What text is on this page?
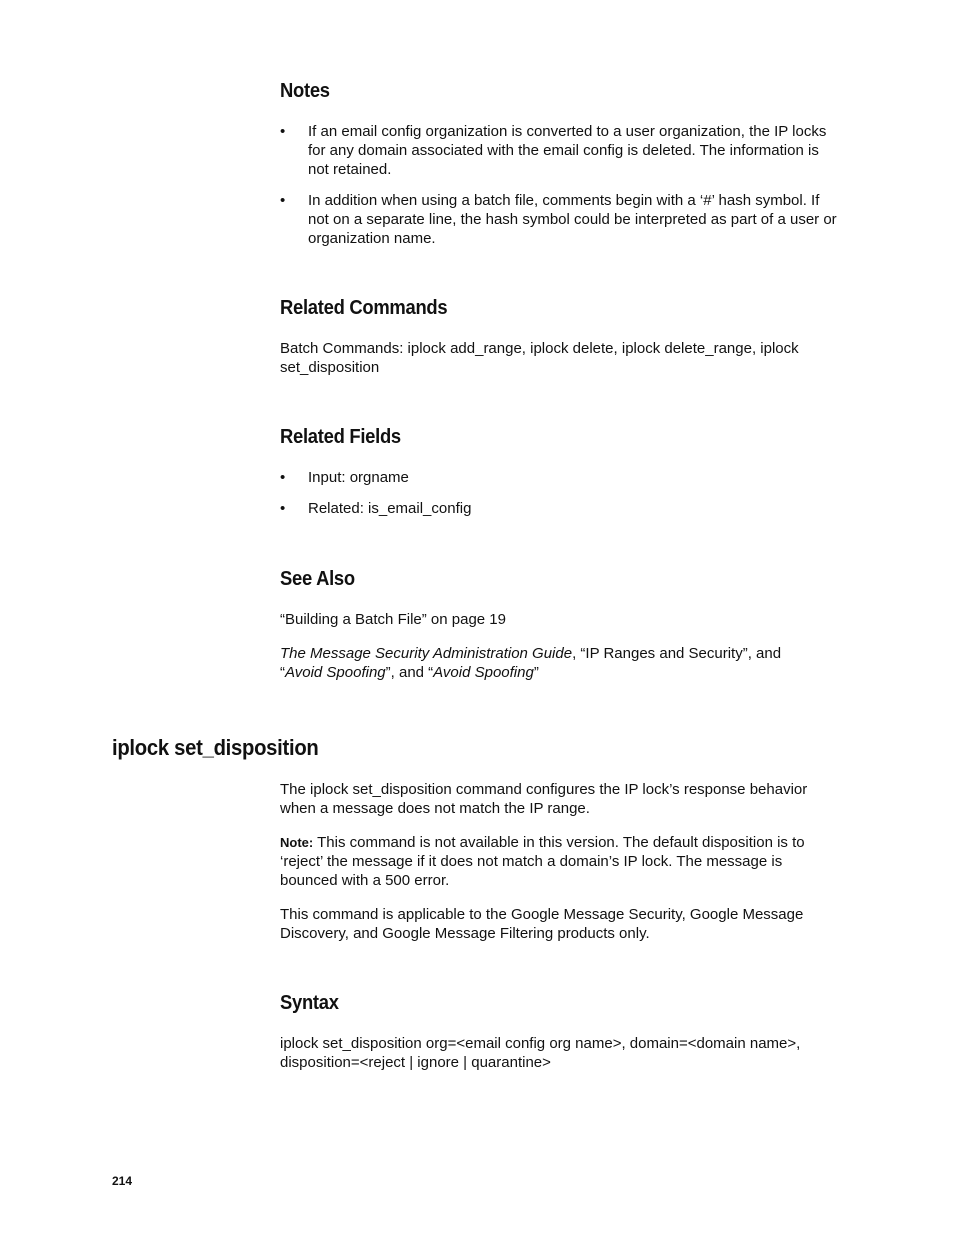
Notes
•	If an email config organization is converted to a user organization, the IP locks for any domain associated with the email config is deleted. The information is not retained.
•	In addition when using a batch file, comments begin with a ‘#’ hash symbol. If not on a separate line, the hash symbol could be interpreted as part of a user or organization name.
Related Commands

Batch Commands: iplock add_range, iplock delete, iplock delete_range, iplock set_disposition

Related Fields
•	Input: orgname
•	Related: is_email_config
See Also

“Building a Batch File” on page 19

The Message Security Administration Guide, “IP Ranges and Security”, and
“Avoid Spoofing”, and “Avoid Spoofing”

iplock set_disposition

The iplock set_disposition command configures the IP lock’s response behavior when a message does not match the IP range.

Note: This command is not available in this version. The default disposition is to ‘reject’ the message if it does not match a domain’s IP lock. The message is bounced with a 500 error.

This command is applicable to the Google Message Security, Google Message Discovery, and Google Message Filtering products only.

Syntax
iplock set_disposition org=<email config org name>, domain=<domain name>,
disposition=<reject | ignore | quarantine>
214
